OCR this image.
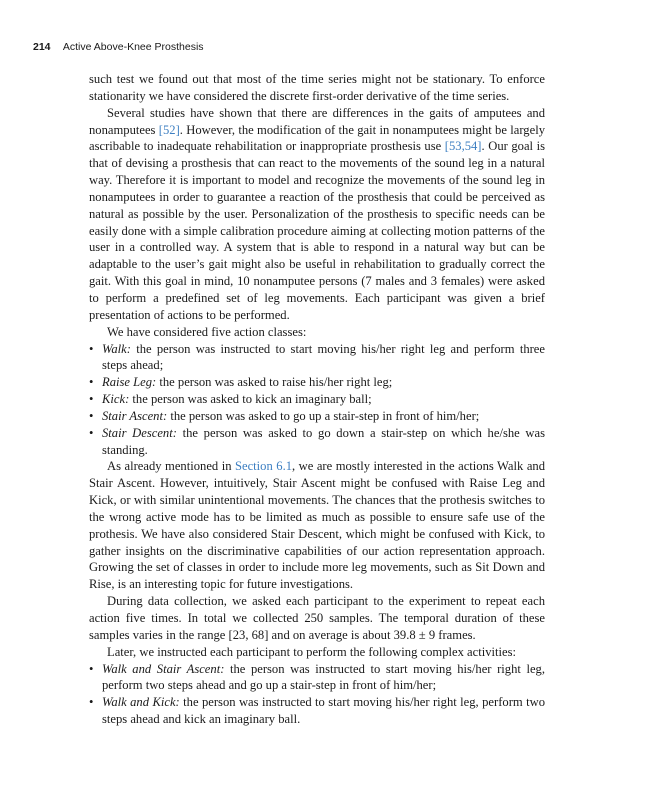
214 Active Above-Knee Prosthesis

such test we found out that most of the time series might not be stationary. To enforce stationarity we have considered the discrete first-order derivative of the time series.

Several studies have shown that there are differences in the gaits of amputees and nonamputees [52]. However, the modification of the gait in nonamputees might be largely ascribable to inadequate rehabilitation or inappropriate prosthesis use [53,54]. Our goal is that of devising a prosthesis that can react to the movements of the sound leg in a natural way. Therefore it is important to model and recognize the movements of the sound leg in nonamputees in order to guarantee a reaction of the prosthesis that could be perceived as natural as possible by the user. Personalization of the prosthesis to specific needs can be easily done with a simple calibration procedure aiming at collecting motion patterns of the user in a controlled way. A system that is able to respond in a natural way but can be adaptable to the user’s gait might also be useful in rehabilitation to gradually correct the gait. With this goal in mind, 10 nonamputee persons (7 males and 3 females) were asked to perform a predefined set of leg movements. Each participant was given a brief presentation of actions to be performed.

We have considered five action classes:

• Walk: the person was instructed to start moving his/her right leg and perform three steps ahead;

• Raise Leg: the person was asked to raise his/her right leg;

• Kick: the person was asked to kick an imaginary ball;

• Stair Ascent: the person was asked to go up a stair-step in front of him/her;

• Stair Descent: the person was asked to go down a stair-step on which he/she was standing.

As already mentioned in Section 6.1, we are mostly interested in the actions Walk and Stair Ascent. However, intuitively, Stair Ascent might be confused with Raise Leg and Kick, or with similar unintentional movements. The chances that the prothesis switches to the wrong active mode has to be limited as much as possible to ensure safe use of the prothesis. We have also considered Stair Descent, which might be confused with Kick, to gather insights on the discriminative capabilities of our action representation approach. Growing the set of classes in order to include more leg movements, such as Sit Down and Rise, is an interesting topic for future investigations.

During data collection, we asked each participant to the experiment to repeat each action five times. In total we collected 250 samples. The temporal duration of these samples varies in the range [23, 68] and on average is about 39.8 ± 9 frames.

Later, we instructed each participant to perform the following complex activities:

• Walk and Stair Ascent: the person was instructed to start moving his/her right leg, perform two steps ahead and go up a stair-step in front of him/her;

• Walk and Kick: the person was instructed to start moving his/her right leg, perform two steps ahead and kick an imaginary ball.
